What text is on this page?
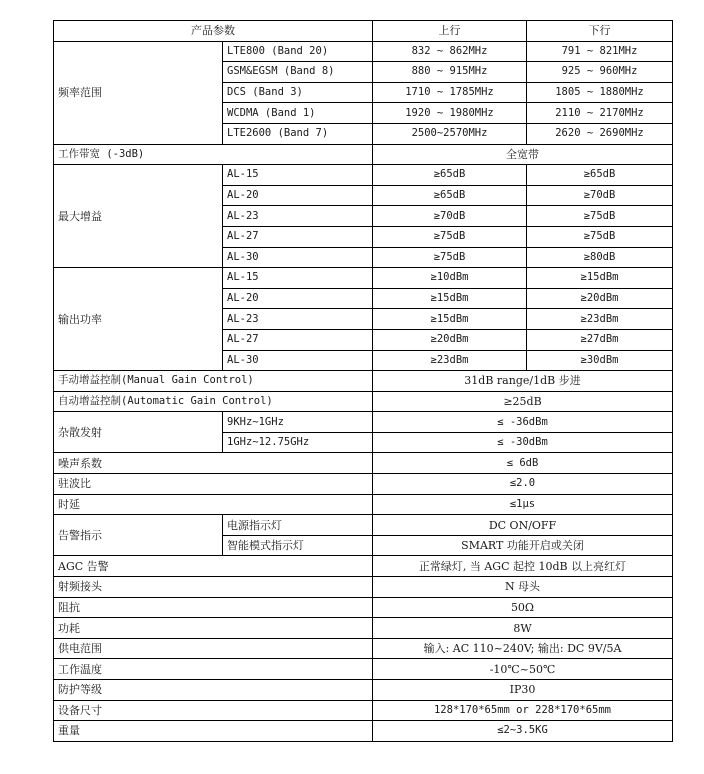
产品参数		上行	下行
频率范围	LTE800 (Band 20)	832 ~ 862MHz	791 ~ 821MHz
	GSM&EGSM (Band 8)	880 ~ 915MHz	925 ~ 960MHz
	DCS (Band 3)	1710 ~ 1785MHz	1805 ~ 1880MHz
	WCDMA (Band 1)	1920 ~ 1980MHz	2110 ~ 2170MHz
	LTE2600 (Band 7)	2500~2570MHz	2620 ~ 2690MHz
工作带宽 (-3dB)		全宽带	
最大增益	AL-15	≥65dB	≥65dB
	AL-20	≥65dB	≥70dB
	AL-23	≥70dB	≥75dB
	AL-27	≥75dB	≥75dB
	AL-30	≥75dB	≥80dB
输出功率	AL-15	≥10dBm	≥15dBm
	AL-20	≥15dBm	≥20dBm
	AL-23	≥15dBm	≥23dBm
	AL-27	≥20dBm	≥27dBm
	AL-30	≥23dBm	≥30dBm
手动增益控制(Manual Gain Control)		31dB range/1dB 步进	
自动增益控制(Automatic Gain Control)		≥25dB	
杂散发射	9KHz~1GHz	≤ -36dBm	
	1GHz~12.75GHz	≤ -30dBm	
噪声系数		≤ 6dB	
驻波比		≤2.0	
时延		≤1μs	
告警指示	电源指示灯	DC ON/OFF	
	智能模式指示灯	SMART 功能开启或关闭	
AGC 告警		正常绿灯, 当 AGC 起控 10dB 以上亮红灯	
射频接头		N 母头	
阻抗		50Ω	
功耗		8W	
供电范围		输入: AC 110~240V; 输出: DC 9V/5A	
工作温度		-10℃~50℃	
防护等级		IP30	
设备尺寸		128*170*65mm or 228*170*65mm	
重量		≤2~3.5KG	
